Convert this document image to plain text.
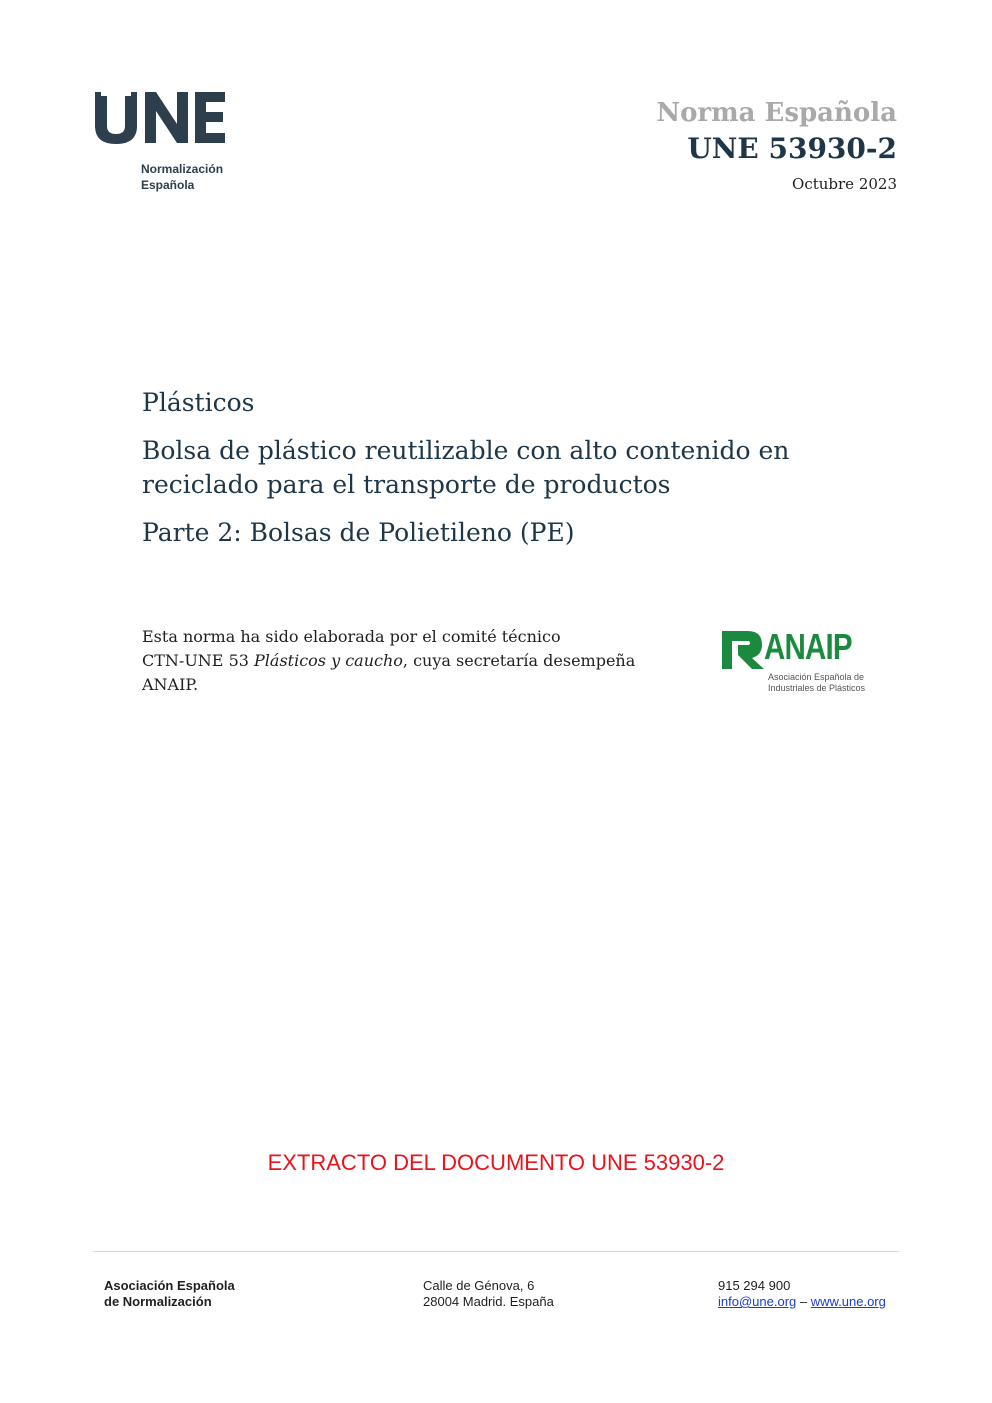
Normalización
Española
Norma Española
UNE 53930-2
Octubre 2023
Plásticos
Bolsa de plástico reutilizable con alto contenido en
reciclado para el transporte de productos
Parte 2: Bolsas de Polietileno (PE)
Esta norma ha sido elaborada por el comité técnico
CTN-UNE 53 Plásticos y caucho, cuya secretaría desempeña
ANAIP.
ANAIP
Asociación Española de
Industriales de Plásticos
EXTRACTO DEL DOCUMENTO UNE 53930-2
Asociación Española
de Normalización
Calle de Génova, 6
28004 Madrid. España
915 294 900
info@une.org – www.une.org
